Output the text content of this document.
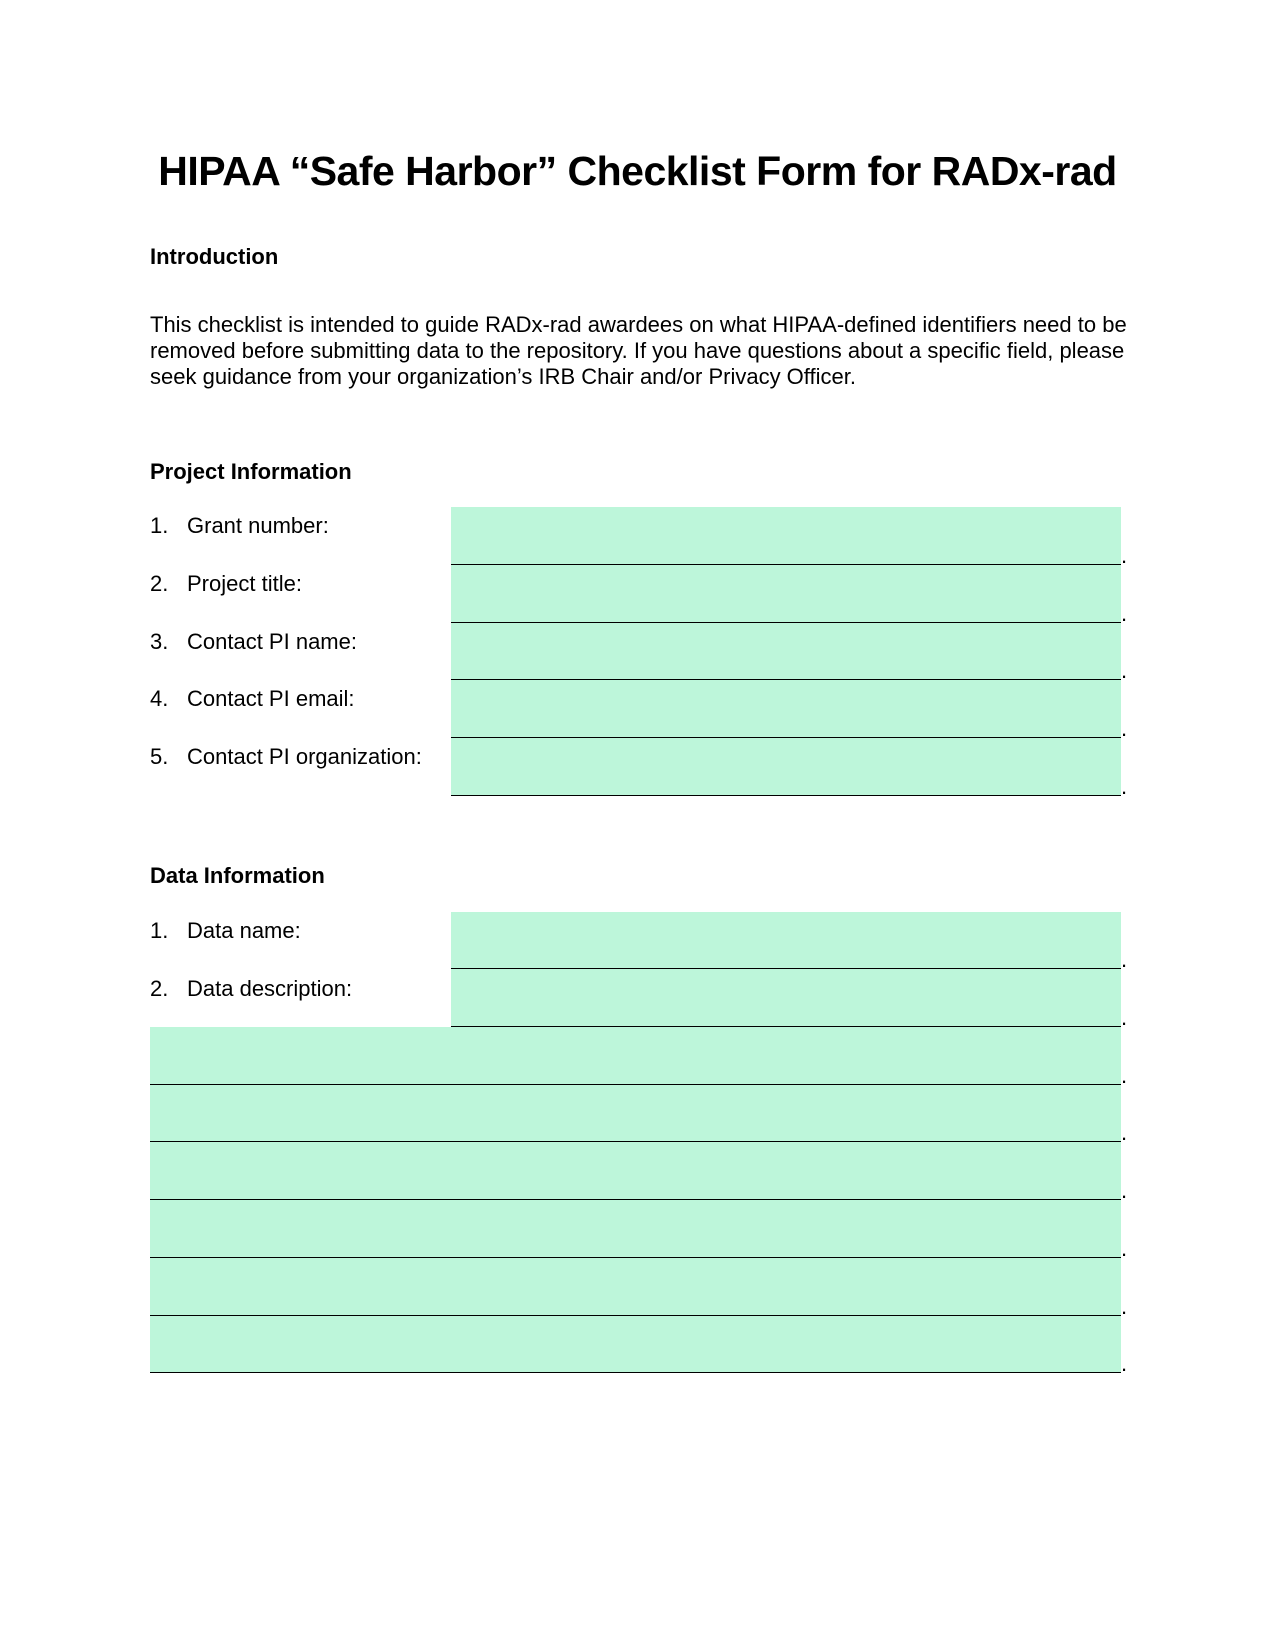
HIPAA “Safe Harbor” Checklist Form for RADx-rad
Introduction
This checklist is intended to guide RADx-rad awardees on what HIPAA-defined identifiers need to be removed before submitting data to the repository. If you have questions about a specific field, please seek guidance from your organization’s IRB Chair and/or Privacy Officer.
Project Information
1. Grant number:
.
2. Project title:
.
3. Contact PI name:
.
4. Contact PI email:
.
5. Contact PI organization:
.
Data Information
1. Data name:
.
2. Data description:
.
.
.
.
.
.
.
